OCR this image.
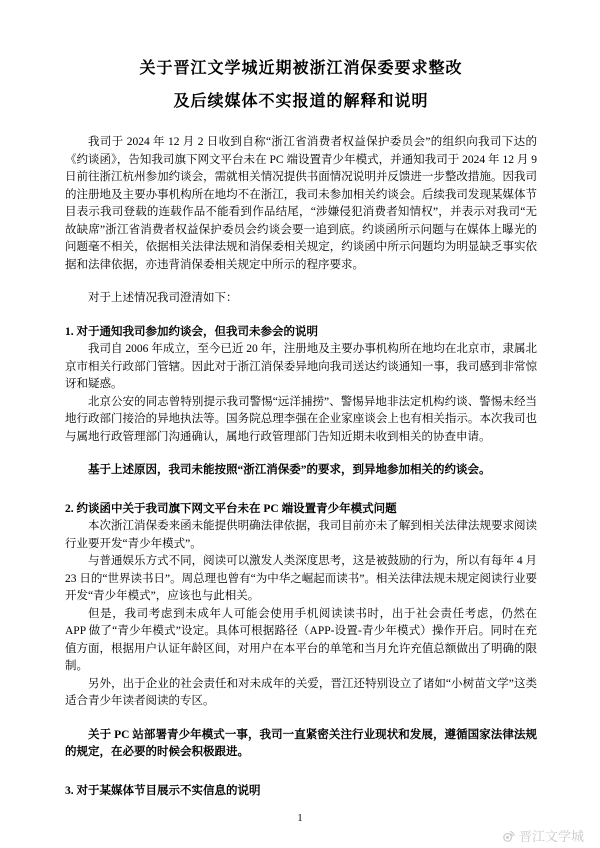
关于晋江文学城近期被浙江消保委要求整改
及后续媒体不实报道的解释和说明

我司于 2024 年 12 月 2 日收到自称“浙江省消费者权益保护委员会”的组织向我司下达的《约谈函》，告知我司旗下网文平台未在 PC 端设置青少年模式，并通知我司于 2024 年 12 月 9 日前往浙江杭州参加约谈会，需就相关情况提供书面情况说明并反馈进一步整改措施。因我司的注册地及主要办事机构所在地均不在浙江，我司未参加相关约谈会。后续我司发现某媒体节目表示我司登载的连载作品不能看到作品结尾，“涉嫌侵犯消费者知情权”，并表示对我司“无故缺席”浙江省消费者权益保护委员会约谈会要一追到底。约谈函所示问题与在媒体上曝光的问题毫不相关，依据相关法律法规和消保委相关规定，约谈函中所示问题均为明显缺乏事实依据和法律依据，亦违背消保委相关规定中所示的程序要求。

对于上述情况我司澄清如下：

1. 对于通知我司参加约谈会，但我司未参会的说明

我司自 2006 年成立，至今已近 20 年，注册地及主要办事机构所在地均在北京市，隶属北京市相关行政部门管辖。因此对于浙江消保委异地向我司送达约谈通知一事，我司感到非常惊讶和疑惑。

北京公安的同志曾特别提示我司警惕“远洋捕捞”、警惕异地非法定机构约谈、警惕未经当地行政部门接洽的异地执法等。国务院总理李强在企业家座谈会上也有相关指示。本次我司也与属地行政管理部门沟通确认，属地行政管理部门告知近期未收到相关的协查申请。

基于上述原因，我司未能按照“浙江消保委”的要求，到异地参加相关的约谈会。

2. 约谈函中关于我司旗下网文平台未在 PC 端设置青少年模式问题

本次浙江消保委来函未能提供明确法律依据，我司目前亦未了解到相关法律法规要求阅读行业要开发“青少年模式”。

与普通娱乐方式不同，阅读可以激发人类深度思考，这是被鼓励的行为，所以有每年 4 月 23 日的“世界读书日”。周总理也曾有“为中华之崛起而读书”。相关法律法规未规定阅读行业要开发“青少年模式”，应该也与此相关。

但是，我司考虑到未成年人可能会使用手机阅读读书时，出于社会责任考虑，仍然在 APP 做了“青少年模式”设定。具体可根据路径（APP-设置-青少年模式）操作开启。同时在充值方面，根据用户认证年龄区间，对用户在本平台的单笔和当月允许充值总额做出了明确的限制。

另外，出于企业的社会责任和对未成年的关爱，晋江还特别设立了诸如“小树苗文学”这类适合青少年读者阅读的专区。

关于 PC 站部署青少年模式一事，我司一直紧密关注行业现状和发展，遵循国家法律法规的规定，在必要的时候会积极跟进。

3. 对于某媒体节目展示不实信息的说明

1
晋江文学城
